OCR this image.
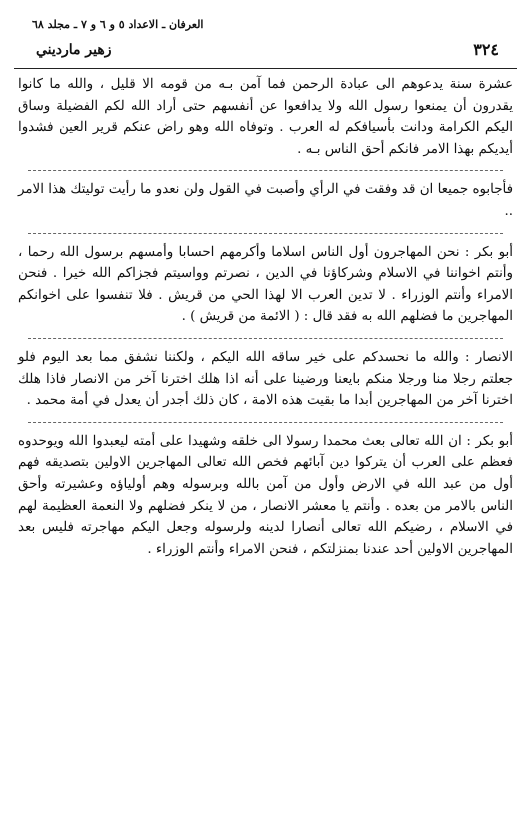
العرفان ـ الاعداد ٥ و ٦ و ٧ ـ مجلد ٦٨
٣٢٤
زهير مارديني

عشرة سنة يدعوهم الى عبادة الرحمن فما آمن بـه من قومه الا قليل ، والله ما كانوا يقدرون أن يمنعوا رسول الله ولا يدافعوا عن أنفسهم حتى أراد الله لكم الفضيلة وساق اليكم الكرامة ودانت بأسيافكم له العرب . وتوفاه الله وهو راض عنكم قرير العين فشدوا أيديكم بهذا الامر فانكم أحق الناس بـه .

فأجابوه جميعا ان قد وفقت في الرأي وأصبت في القول ولن نعدو ما رأيت توليتك هذا الامر ..

أبو بكر : نحن المهاجرون أول الناس اسلاما وأكرمهم احسابا وأمسهم برسول الله رحما ، وأنتم اخواننا في الاسلام وشركاؤنا في الدين ، نصرتم وواسيتم فجزاكم الله خيرا . فنحن الامراء وأنتم الوزراء . لا تدين العرب الا لهذا الحي من قريش . فلا تنفسوا على اخوانكم المهاجرين ما فضلهم الله به فقد قال : ( الائمة من قريش ) .

الانصار : والله ما نحسدكم على خير ساقه الله اليكم ، ولكننا نشفق مما بعد اليوم فلو جعلتم رجلا منا ورجلا منكم بايعنا ورضينا على أنه اذا هلك اخترنا آخر من الانصار فاذا هلك اخترنا آخر من المهاجرين أبدا ما بقيت هذه الامة ، كان ذلك أجدر أن يعدل في أمة محمد .

أبو بكر : ان الله تعالى بعث محمدا رسولا الى خلقه وشهيدا على أمته ليعبدوا الله ويوحدوه فعظم على العرب أن يتركوا دين آبائهم فخص الله تعالى المهاجرين الاولين بتصديقه فهم أول من عبد الله في الارض وأول من آمن بالله وبرسوله وهم أولياؤه وعشيرته وأحق الناس بالامر من بعده . وأنتم يا معشر الانصار ، من لا ينكر فضلهم ولا النعمة العظيمة لهم في الاسلام ، رضيكم الله تعالى أنصارا لدينه ولرسوله وجعل اليكم مهاجرته فليس بعد المهاجرين الاولين أحد عندنا بمنزلتكم ، فنحن الامراء وأنتم الوزراء .
